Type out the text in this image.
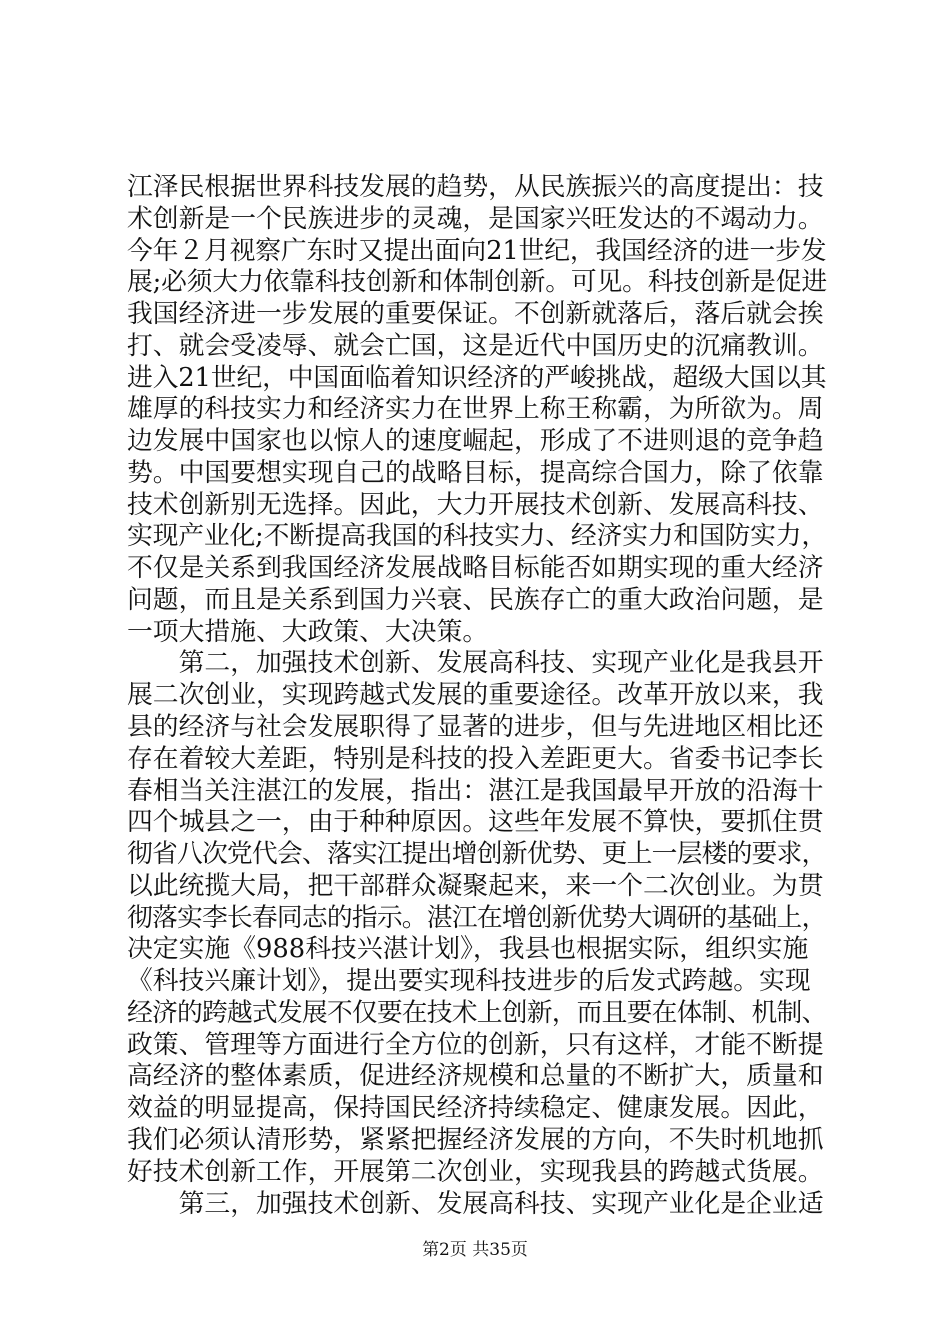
江泽民根据世界科技发展的趋势，从民族振兴的高度提出：技
术创新是一个民族进步的灵魂，是国家兴旺发达的不竭动力。
今年２月视察广东时又提出面向21世纪，我国经济的进一步发
展;必须大力依靠科技创新和体制创新。可见。科技创新是促进
我国经济进一步发展的重要保证。不创新就落后，落后就会挨
打、就会受凌辱、就会亡国，这是近代中国历史的沉痛教训。
进入21世纪，中国面临着知识经济的严峻挑战，超级大国以其
雄厚的科技实力和经济实力在世界上称王称霸，为所欲为。周
边发展中国家也以惊人的速度崛起，形成了不进则退的竞争趋
势。中国要想实现自己的战略目标，提高综合国力，除了依靠
技术创新别无选择。因此，大力开展技术创新、发展高科技、
实现产业化;不断提高我国的科技实力、经济实力和国防实力，
不仅是关系到我国经济发展战略目标能否如期实现的重大经济
问题，而且是关系到国力兴衰、民族存亡的重大政治问题，是
一项大措施、大政策、大决策。
　　第二，加强技术创新、发展高科技、实现产业化是我县开
展二次创业，实现跨越式发展的重要途径。改革开放以来，我
县的经济与社会发展职得了显著的进步，但与先进地区相比还
存在着较大差距，特别是科技的投入差距更大。省委书记李长
春相当关注湛江的发展，指出：湛江是我国最早开放的沿海十
四个城县之一，由于种种原因。这些年发展不算快，要抓住贯
彻省八次党代会、落实江提出增创新优势、更上一层楼的要求，
以此统揽大局，把干部群众凝聚起来，来一个二次创业。为贯
彻落实李长春同志的指示。湛江在增创新优势大调研的基础上，
决定实施《988科技兴湛计划》，我县也根据实际，组织实施
《科技兴廉计划》，提出要实现科技进步的后发式跨越。实现
经济的跨越式发展不仅要在技术上创新，而且要在体制、机制、
政策、管理等方面进行全方位的创新，只有这样，才能不断提
高经济的整体素质，促进经济规模和总量的不断扩大，质量和
效益的明显提高，保持国民经济持续稳定、健康发展。因此，
我们必须认清形势，紧紧把握经济发展的方向，不失时机地抓
好技术创新工作，开展第二次创业，实现我县的跨越式货展。
　　第三，加强技术创新、发展高科技、实现产业化是企业适
第2页 共35页
